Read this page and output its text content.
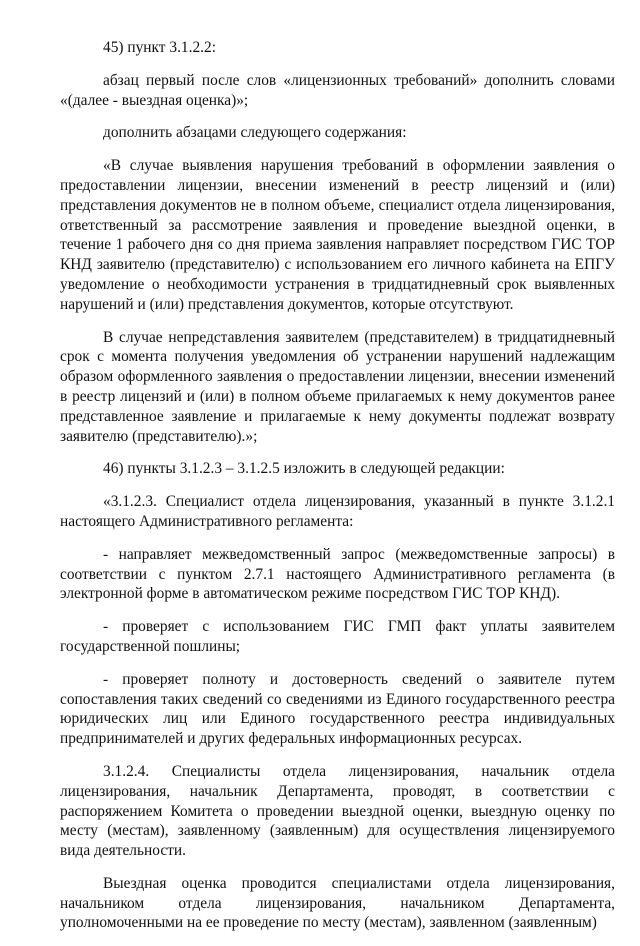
45) пункт 3.1.2.2:

абзац первый после слов «лицензионных требований» дополнить словами «(далее - выездная оценка)»;

дополнить абзацами следующего содержания:

«В случае выявления нарушения требований в оформлении заявления о предоставлении лицензии, внесении изменений в реестр лицензий и (или) представления документов не в полном объеме, специалист отдела лицензирования, ответственный за рассмотрение заявления и проведение выездной оценки, в течение 1 рабочего дня со дня приема заявления направляет посредством ГИС ТОР КНД заявителю (представителю) с использованием его личного кабинета на ЕПГУ уведомление о необходимости устранения в тридцатидневный срок выявленных нарушений и (или) представления документов, которые отсутствуют.

В случае непредставления заявителем (представителем) в тридцатидневный срок с момента получения уведомления об устранении нарушений надлежащим образом оформленного заявления о предоставлении лицензии, внесении изменений в реестр лицензий и (или) в полном объеме прилагаемых к нему документов ранее представленное заявление и прилагаемые к нему документы подлежат возврату заявителю (представителю).»;

46) пункты 3.1.2.3 – 3.1.2.5 изложить в следующей редакции:

«3.1.2.3. Специалист отдела лицензирования, указанный в пункте 3.1.2.1 настоящего Административного регламента:

- направляет межведомственный запрос (межведомственные запросы) в соответствии с пунктом 2.7.1 настоящего Административного регламента (в электронной форме в автоматическом режиме посредством ГИС ТОР КНД).

- проверяет с использованием ГИС ГМП факт уплаты заявителем государственной пошлины;

- проверяет полноту и достоверность сведений о заявителе путем сопоставления таких сведений со сведениями из Единого государственного реестра юридических лиц или Единого государственного реестра индивидуальных предпринимателей и других федеральных информационных ресурсах.

3.1.2.4. Специалисты отдела лицензирования, начальник отдела лицензирования, начальник Департамента, проводят, в соответствии с распоряжением Комитета о проведении выездной оценки, выездную оценку по месту (местам), заявленному (заявленным) для осуществления лицензируемого вида деятельности.

Выездная оценка проводится специалистами отдела лицензирования, начальником отдела лицензирования, начальником Департамента, уполномоченными на ее проведение по месту (местам), заявленном (заявленным)
